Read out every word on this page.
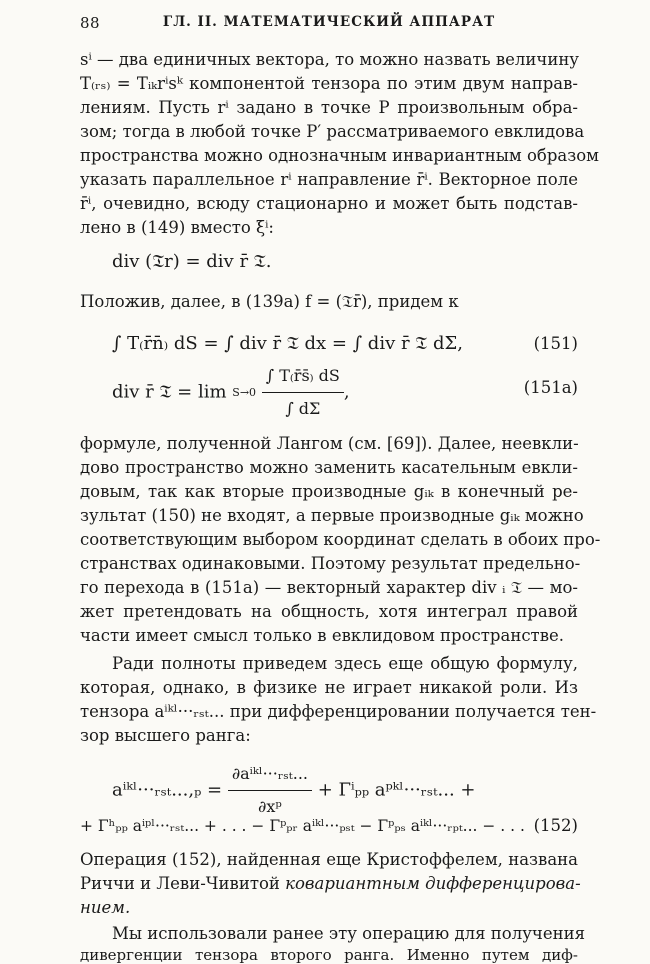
88	ГЛ. II. МАТЕМАТИЧЕСКИЙ АППАРАТ
sⁱ — два единичных вектора, то можно назвать величину
T₍ᵣₛ₎ = Tᵢₖrⁱsᵏ компонентой тензора по этим двум направ-
лениям. Пусть rⁱ задано в точке P произвольным обра-
зом; тогда в любой точке P′ рассматриваемого евклидова
пространства можно однозначным инвариантным образом
указать параллельное rⁱ направление r̄ⁱ. Векторное поле
r̄ⁱ, очевидно, всюду стационарно и может быть подстав-
лено в (149) вместо ξⁱ:
div (𝔗r) = div r̄ 𝔗.
Положив, далее, в (139а) f = (𝔗r̄), придем к
∫ T₍r̄n̄₎ dS = ∫ div r̄ 𝔗 dx = ∫ div r̄ 𝔗 dΣ,	(151)
div r̄ 𝔗 = lim S→0
$\frac{\int T_(r̄s̄_) dS}{\int d\Sigma}$ ,	(151а)
формуле, полученной Лангом (см. [69]). Далее, неевкли-
дово пространство можно заменить касательным евкли-
довым, так как вторые производные gᵢₖ в конечный ре-
зультат (150) не входят, а первые производные gᵢₖ можно
соответствующим выбором координат сделать в обоих про-
странствах одинаковыми. Поэтому результат предельно-
го перехода в (151а) — векторный характер div ᵢ 𝔗 — мо-
жет претендовать на общность, хотя интеграл правой
части имеет смысл только в евклидовом пространстве.
Ради полноты приведем здесь еще общую формулу,
которая, однако, в физике не играет никакой роли. Из
тензора aⁱᵏˡ···ᵣₛₜ... при дифференцировании получается тен-
зор высшего ранга:
aⁱᵏˡ···ᵣₛₜ...,ₚ = $\frac{\text{∂aⁱᵏˡ···ᵣₛₜ...}}{\text{∂xᵖ}} + \Gamma^i_{pp}$ aᵖᵏˡ···ᵣₛₜ... +
+ Γʰₚₚ aⁱᵖˡ···ᵣₛₜ... + . . . − Γᵖₚᵣ aⁱᵏˡ···ₚₛₜ − Γᵖₚₛ aⁱᵏˡ···ᵣₚₜ... − . . . (152)
Операция (152), найденная еще Кристоффелем, названа
Риччи и Леви-Чивитой ковариантным дифференцирова-
нием.
Мы использовали ранее эту операцию для получения
дивергенции тензора второго ранга. Именно путем диф-
